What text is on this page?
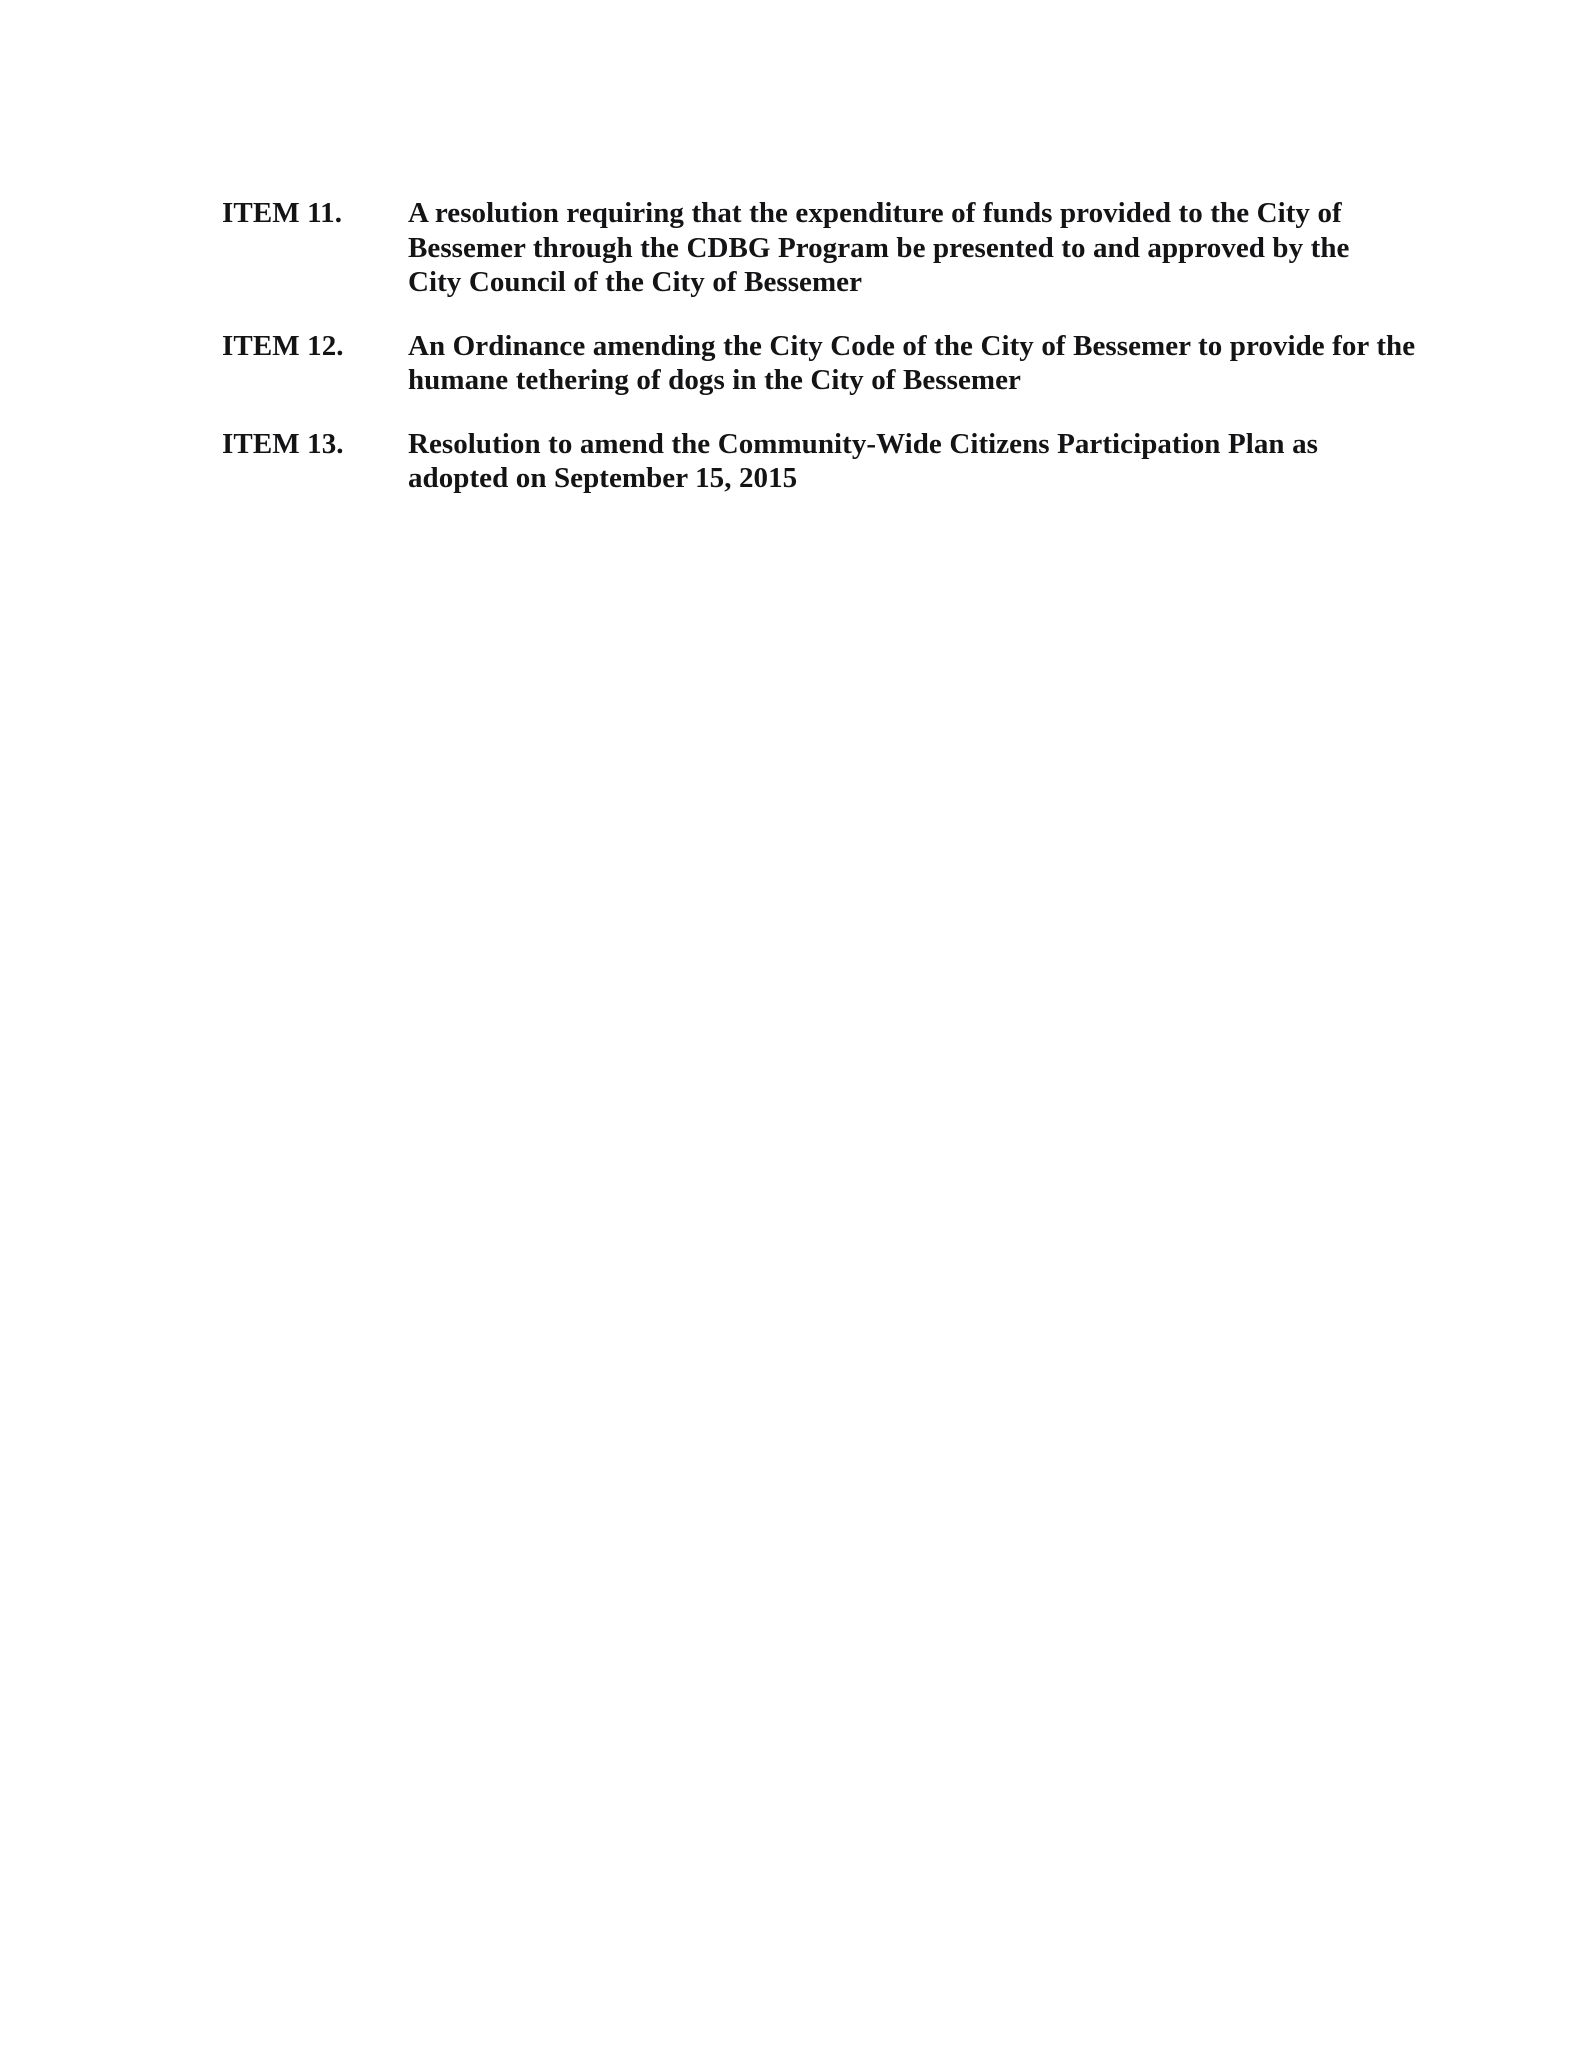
ITEM 11.	A resolution requiring that the expenditure of funds provided to the City of Bessemer through the CDBG Program be presented to and approved by the City Council of the City of Bessemer
ITEM 12.	An Ordinance amending the City Code of the City of Bessemer to provide for the humane tethering of dogs in the City of Bessemer
ITEM 13.	Resolution to amend the Community-Wide Citizens Participation Plan as adopted on September 15, 2015
